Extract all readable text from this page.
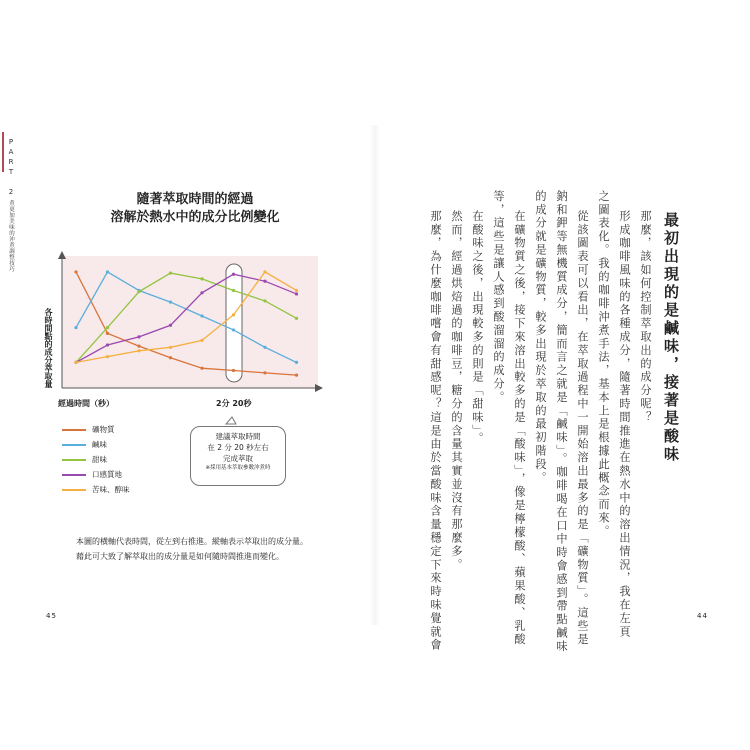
PART 2

煮更加美味的沖煮調整技巧

隨著萃取時間的經過
溶解於熱水中的成分比例變化
各時間點的成分萃取量
經過時間（秒）	2分 20秒
礦物質
鹹味
甜味
口感質地
苦味、醇味
建議萃取時間
在 2 分 20 秒左右
完成萃取
※採用基本萃取參數沖煮時

本圖的橫軸代表時間，從左到右推進。縱軸表示萃取出的成分量。藉此可大致了解萃取出的成分量是如何隨時間推進而變化。

45
最初出現的是鹹味，接著是酸味

那麼，該如何控制萃取出的成分呢？

形成咖啡風味的各種成分，隨著時間推進在熱水中的溶出情況，我在左頁

之圖表化。我的咖啡沖煮手法，基本上是根據此概念而來。

從該圖表可以看出，在萃取過程中一開始溶出最多的是「礦物質」。這些是

鈉和鉀等無機質成分，簡而言之就是「鹹味」。咖啡喝在口中時會感到帶點鹹味

的成分就是礦物質，較多出現於萃取的最初階段。

在礦物質之後，接下來溶出較多的是「酸味」，像是檸檬酸、蘋果酸、乳酸

等，這些是讓人感到酸溜溜的成分。

在酸味之後，出現較多的則是「甜味」。

然而，經過烘焙過的咖啡豆，糖分的含量其實並沒有那麼多。

那麼，為什麼咖啡嚐會有甜感呢？這是由於當酸味含量穩定下來時味覺就會	44
